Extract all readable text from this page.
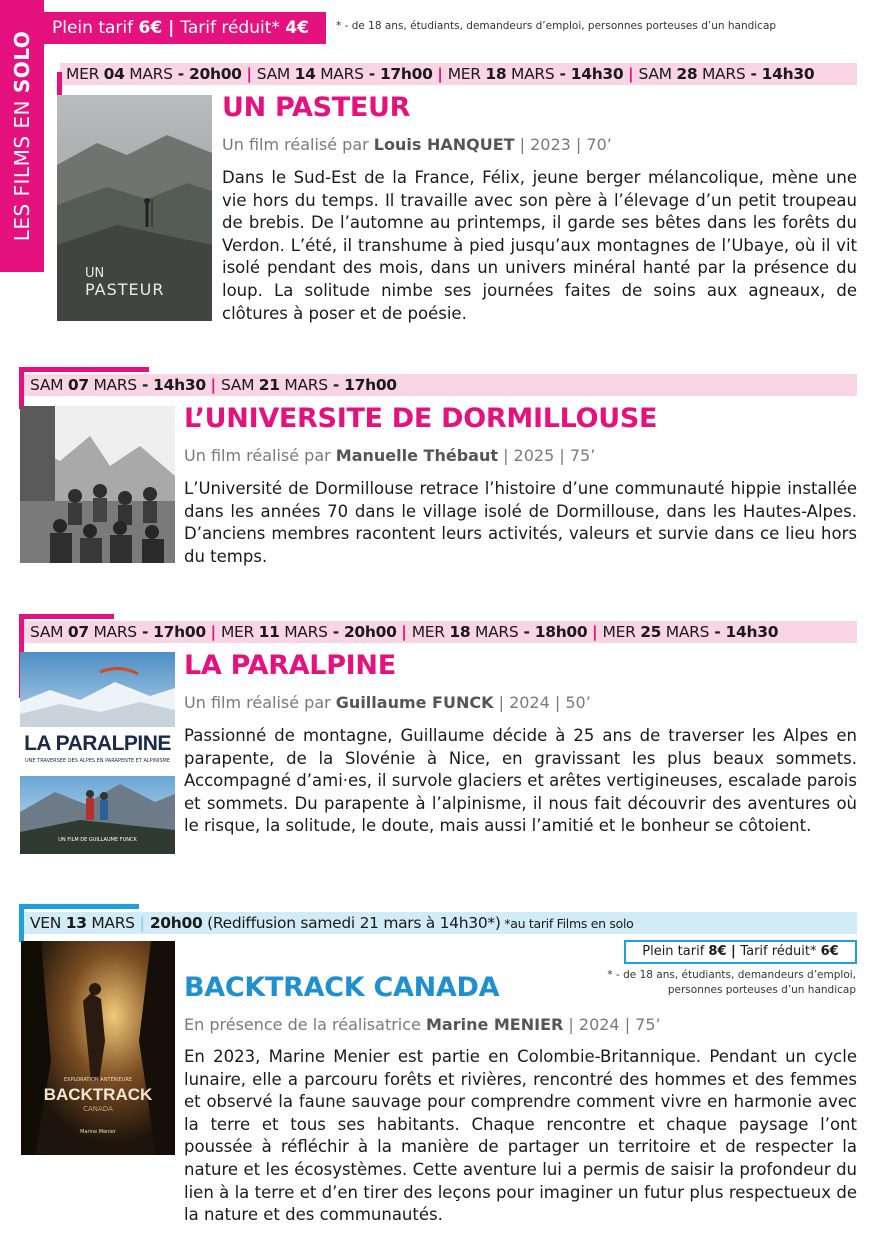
LES FILMS EN SOLO
Plein tarif 6€ | Tarif réduit* 4€	* - de 18 ans, étudiants, demandeurs d’emploi, personnes porteuses d’un handicap
MER 04 MARS - 20h00 | SAM 14 MARS - 17h00 | MER 18 MARS - 14h30 | SAM 28 MARS - 14h30
UN
PASTEUR
UN PASTEUR
Un film réalisé par Louis HANQUET | 2023 | 70’
Dans le Sud-Est de la France, Félix, jeune berger mélancolique, mène une vie hors du temps. Il travaille avec son père à l’élevage d’un petit troupeau de brebis. De l’automne au printemps, il garde ses bêtes dans les forêts du Verdon. L’été, il transhume à pied jusqu’aux montagnes de l’Ubaye, où il vit isolé pendant des mois, dans un univers minéral hanté par la présence du loup. La solitude nimbe ses journées faites de soins aux agneaux, de clôtures à poser et de poésie.
SAM 07 MARS - 14h30 | SAM 21 MARS - 17h00
L’UNIVERSITE DE DORMILLOUSE
Un film réalisé par Manuelle Thébaut | 2025 | 75’
L’Université de Dormillouse retrace l’histoire d’une communauté hippie installée dans les années 70 dans le village isolé de Dormillouse, dans les Hautes-Alpes. D’anciens membres racontent leurs activités, valeurs et survie dans ce lieu hors du temps.
SAM 07 MARS - 17h00 | MER 11 MARS - 20h00 | MER 18 MARS - 18h00 | MER 25 MARS - 14h30
LA PARALPINE
UNE TRAVERSÉE DES ALPES EN PARAPENTE ET ALPINISME
UN FILM DE GUILLAUME FUNCK
LA PARALPINE
Un film réalisé par Guillaume FUNCK | 2024 | 50’
Passionné de montagne, Guillaume décide à 25 ans de traverser les Alpes en parapente, de la Slovénie à Nice, en gravissant les plus beaux sommets. Accompagné d’ami·es, il survole glaciers et arêtes vertigineuses, escalade parois et sommets. Du parapente à l’alpinisme, il nous fait découvrir des aventures où le risque, la solitude, le doute, mais aussi l’amitié et le bonheur se côtoient.
VEN 13 MARS | 20h00 (Rediffusion samedi 21 mars à 14h30*) *au tarif Films en solo
Plein tarif 8€ | Tarif réduit* 6€
* - de 18 ans, étudiants, demandeurs d’emploi,
personnes porteuses d’un handicap
EXPLORATION ANTÉRIEURE
BACKTRACK
CANADA
Marine Menier
BACKTRACK CANADA
En présence de la réalisatrice Marine MENIER | 2024 | 75’
En 2023, Marine Menier est partie en Colombie-Britannique. Pendant un cycle lunaire, elle a parcouru forêts et rivières, rencontré des hommes et des femmes et observé la faune sauvage pour comprendre comment vivre en harmonie avec la terre et tous ses habitants. Chaque rencontre et chaque paysage l’ont poussée à réfléchir à la manière de partager un territoire et de respecter la nature et les écosystèmes. Cette aventure lui a permis de saisir la profondeur du lien à la terre et d’en tirer des leçons pour imaginer un futur plus respectueux de la nature et des communautés.
